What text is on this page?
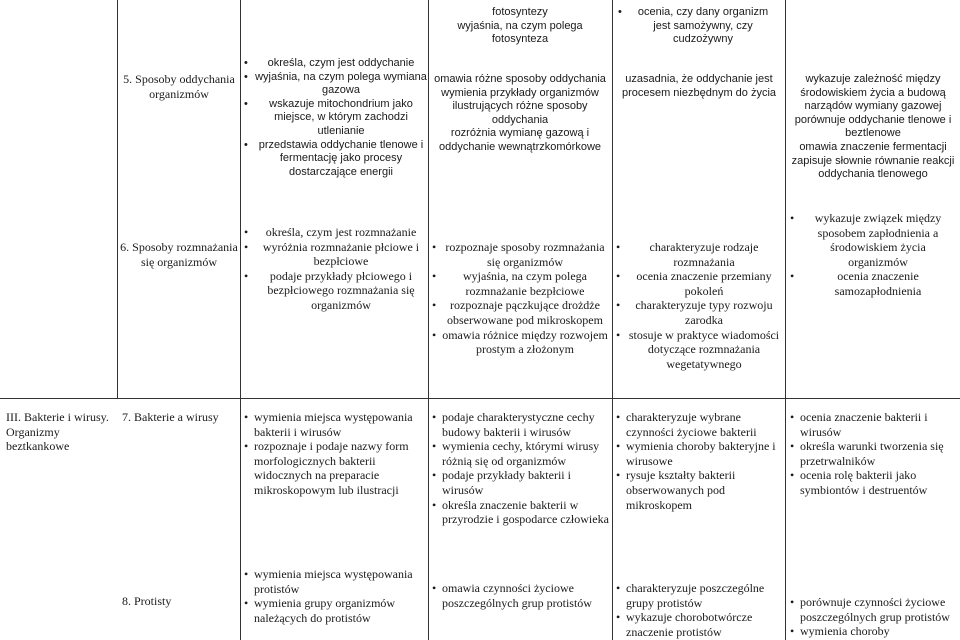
fotosyntezy
wyjaśnia, na czym polega fotosynteza
• ocenia, czy dany organizm jest samożywny, czy cudzożywny
5. Sposoby oddychania organizmów
• określa, czym jest oddychanie
• wyjaśnia, na czym polega wymiana gazowa
• wskazuje mitochondrium jako miejsce, w którym zachodzi utlenianie
• przedstawia oddychanie tlenowe i fermentację jako procesy dostarczające energii
omawia różne sposoby oddychania
wymienia przykłady organizmów ilustrujących różne sposoby oddychania
rozróżnia wymianę gazową i oddychanie wewnątrzkomórkowe
uzasadnia, że oddychanie jest procesem niezbędnym do życia
wykazuje zależność między środowiskiem życia a budową narządów wymiany gazowej
porównuje oddychanie tlenowe i beztlenowe
omawia znaczenie fermentacji
zapisuje słownie równanie reakcji oddychania tlenowego
6. Sposoby rozmnażania się organizmów
• określa, czym jest rozmnażanie
• wyróżnia rozmnażanie płciowe i bezpłciowe
• podaje przykłady płciowego i bezpłciowego rozmnażania się organizmów
• rozpoznaje sposoby rozmnażania się organizmów
• wyjaśnia, na czym polega rozmnażanie bezpłciowe
• rozpoznaje pączkujące drożdże obserwowane pod mikroskopem
• omawia różnice między rozwojem prostym a złożonym
• charakteryzuje rodzaje rozmnażania
• ocenia znaczenie przemiany pokoleń
• charakteryzuje typy rozwoju zarodka
• stosuje w praktyce wiadomości dotyczące rozmnażania wegetatywnego
• wykazuje związek między sposobem zapłodnienia a środowiskiem życia organizmów
• ocenia znaczenie samozapłodnienia
III. Bakterie i wirusy. Organizmy beztkankowe
7. Bakterie a wirusy
•	wymienia miejsca występowania bakterii i wirusów
• rozpoznaje i podaje nazwy form morfologicznych bakterii widocznych na preparacie mikroskopowym lub ilustracji
• podaje charakterystyczne cechy budowy bakterii i wirusów
• wymienia cechy, którymi wirusy różnią się od organizmów
• podaje przykłady bakterii i wirusów
• określa znaczenie bakterii w przyrodzie i gospodarce człowieka
• charakteryzuje wybrane czynności życiowe bakterii
• wymienia choroby bakteryjne i wirusowe
• rysuje kształty bakterii obserwowanych pod mikroskopem
• ocenia znaczenie bakterii i wirusów
• określa warunki tworzenia się przetrwalników
• ocenia rolę bakterii jako symbiontów i destruentów
8. Protisty
• wymienia miejsca występowania protistów
• wymienia grupy organizmów należących do protistów
• omawia czynności życiowe poszczególnych grup protistów
• charakteryzuje poszczególne grupy protistów
• wykazuje chorobotwórcze znaczenie protistów
• porównuje czynności życiowe poszczególnych grup protistów
• wymienia choroby
